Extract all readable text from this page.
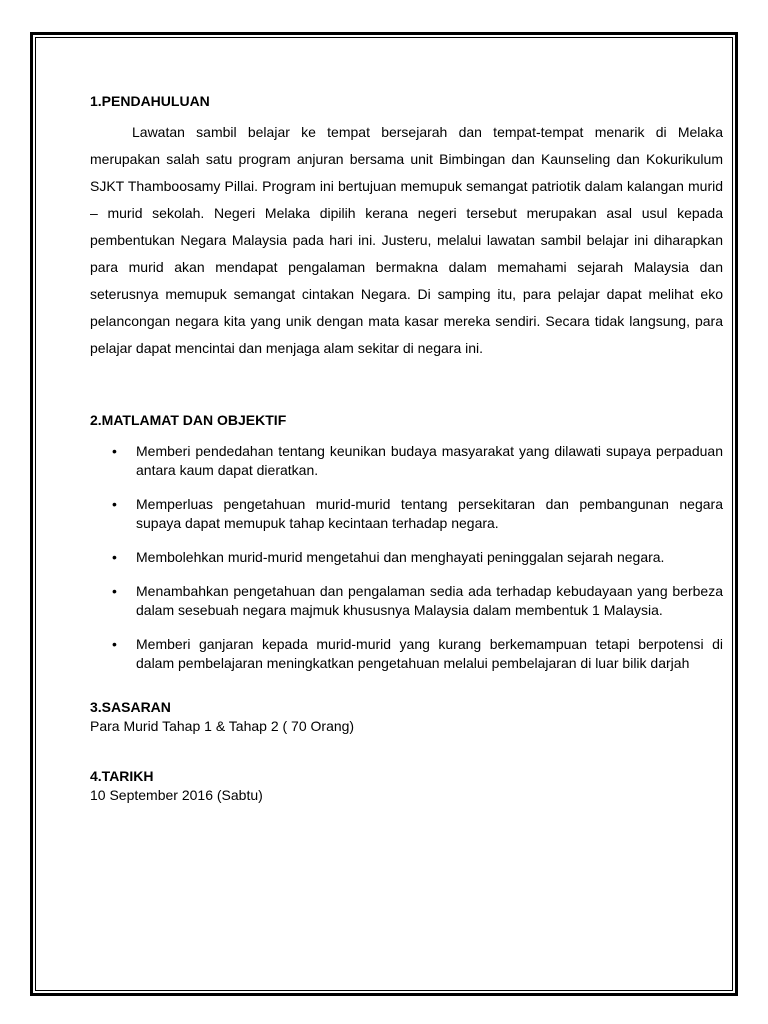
1.PENDAHULUAN

Lawatan sambil belajar ke tempat bersejarah dan tempat-tempat menarik di Melaka merupakan salah satu program anjuran bersama unit Bimbingan dan Kaunseling dan Kokurikulum SJKT Thamboosamy Pillai. Program ini bertujuan memupuk semangat patriotik dalam kalangan murid – murid sekolah. Negeri Melaka dipilih kerana negeri tersebut merupakan asal usul kepada pembentukan Negara Malaysia pada hari ini. Justeru, melalui lawatan sambil belajar ini diharapkan para murid akan mendapat pengalaman bermakna dalam memahami sejarah Malaysia dan seterusnya memupuk semangat cintakan Negara. Di samping itu, para pelajar dapat melihat eko pelancongan negara kita yang unik dengan mata kasar mereka sendiri. Secara tidak langsung, para pelajar dapat mencintai dan menjaga alam sekitar di negara ini.

2.MATLAMAT DAN OBJEKTIF
• Memberi pendedahan tentang keunikan budaya masyarakat yang dilawati supaya perpaduan antara kaum dapat dieratkan.
• Memperluas pengetahuan murid-murid tentang persekitaran dan pembangunan negara supaya dapat memupuk tahap kecintaan terhadap negara.
• Membolehkan murid-murid mengetahui dan menghayati peninggalan sejarah negara.
• Menambahkan pengetahuan dan pengalaman sedia ada terhadap kebudayaan yang berbeza dalam sesebuah negara majmuk khususnya Malaysia dalam membentuk 1 Malaysia.
• Memberi ganjaran kepada murid-murid yang kurang berkemampuan tetapi berpotensi di dalam pembelajaran meningkatkan pengetahuan melalui pembelajaran di luar bilik darjah
3.SASARAN

Para Murid Tahap 1 & Tahap 2 ( 70 Orang)

4.TARIKH

10 September 2016 (Sabtu)
